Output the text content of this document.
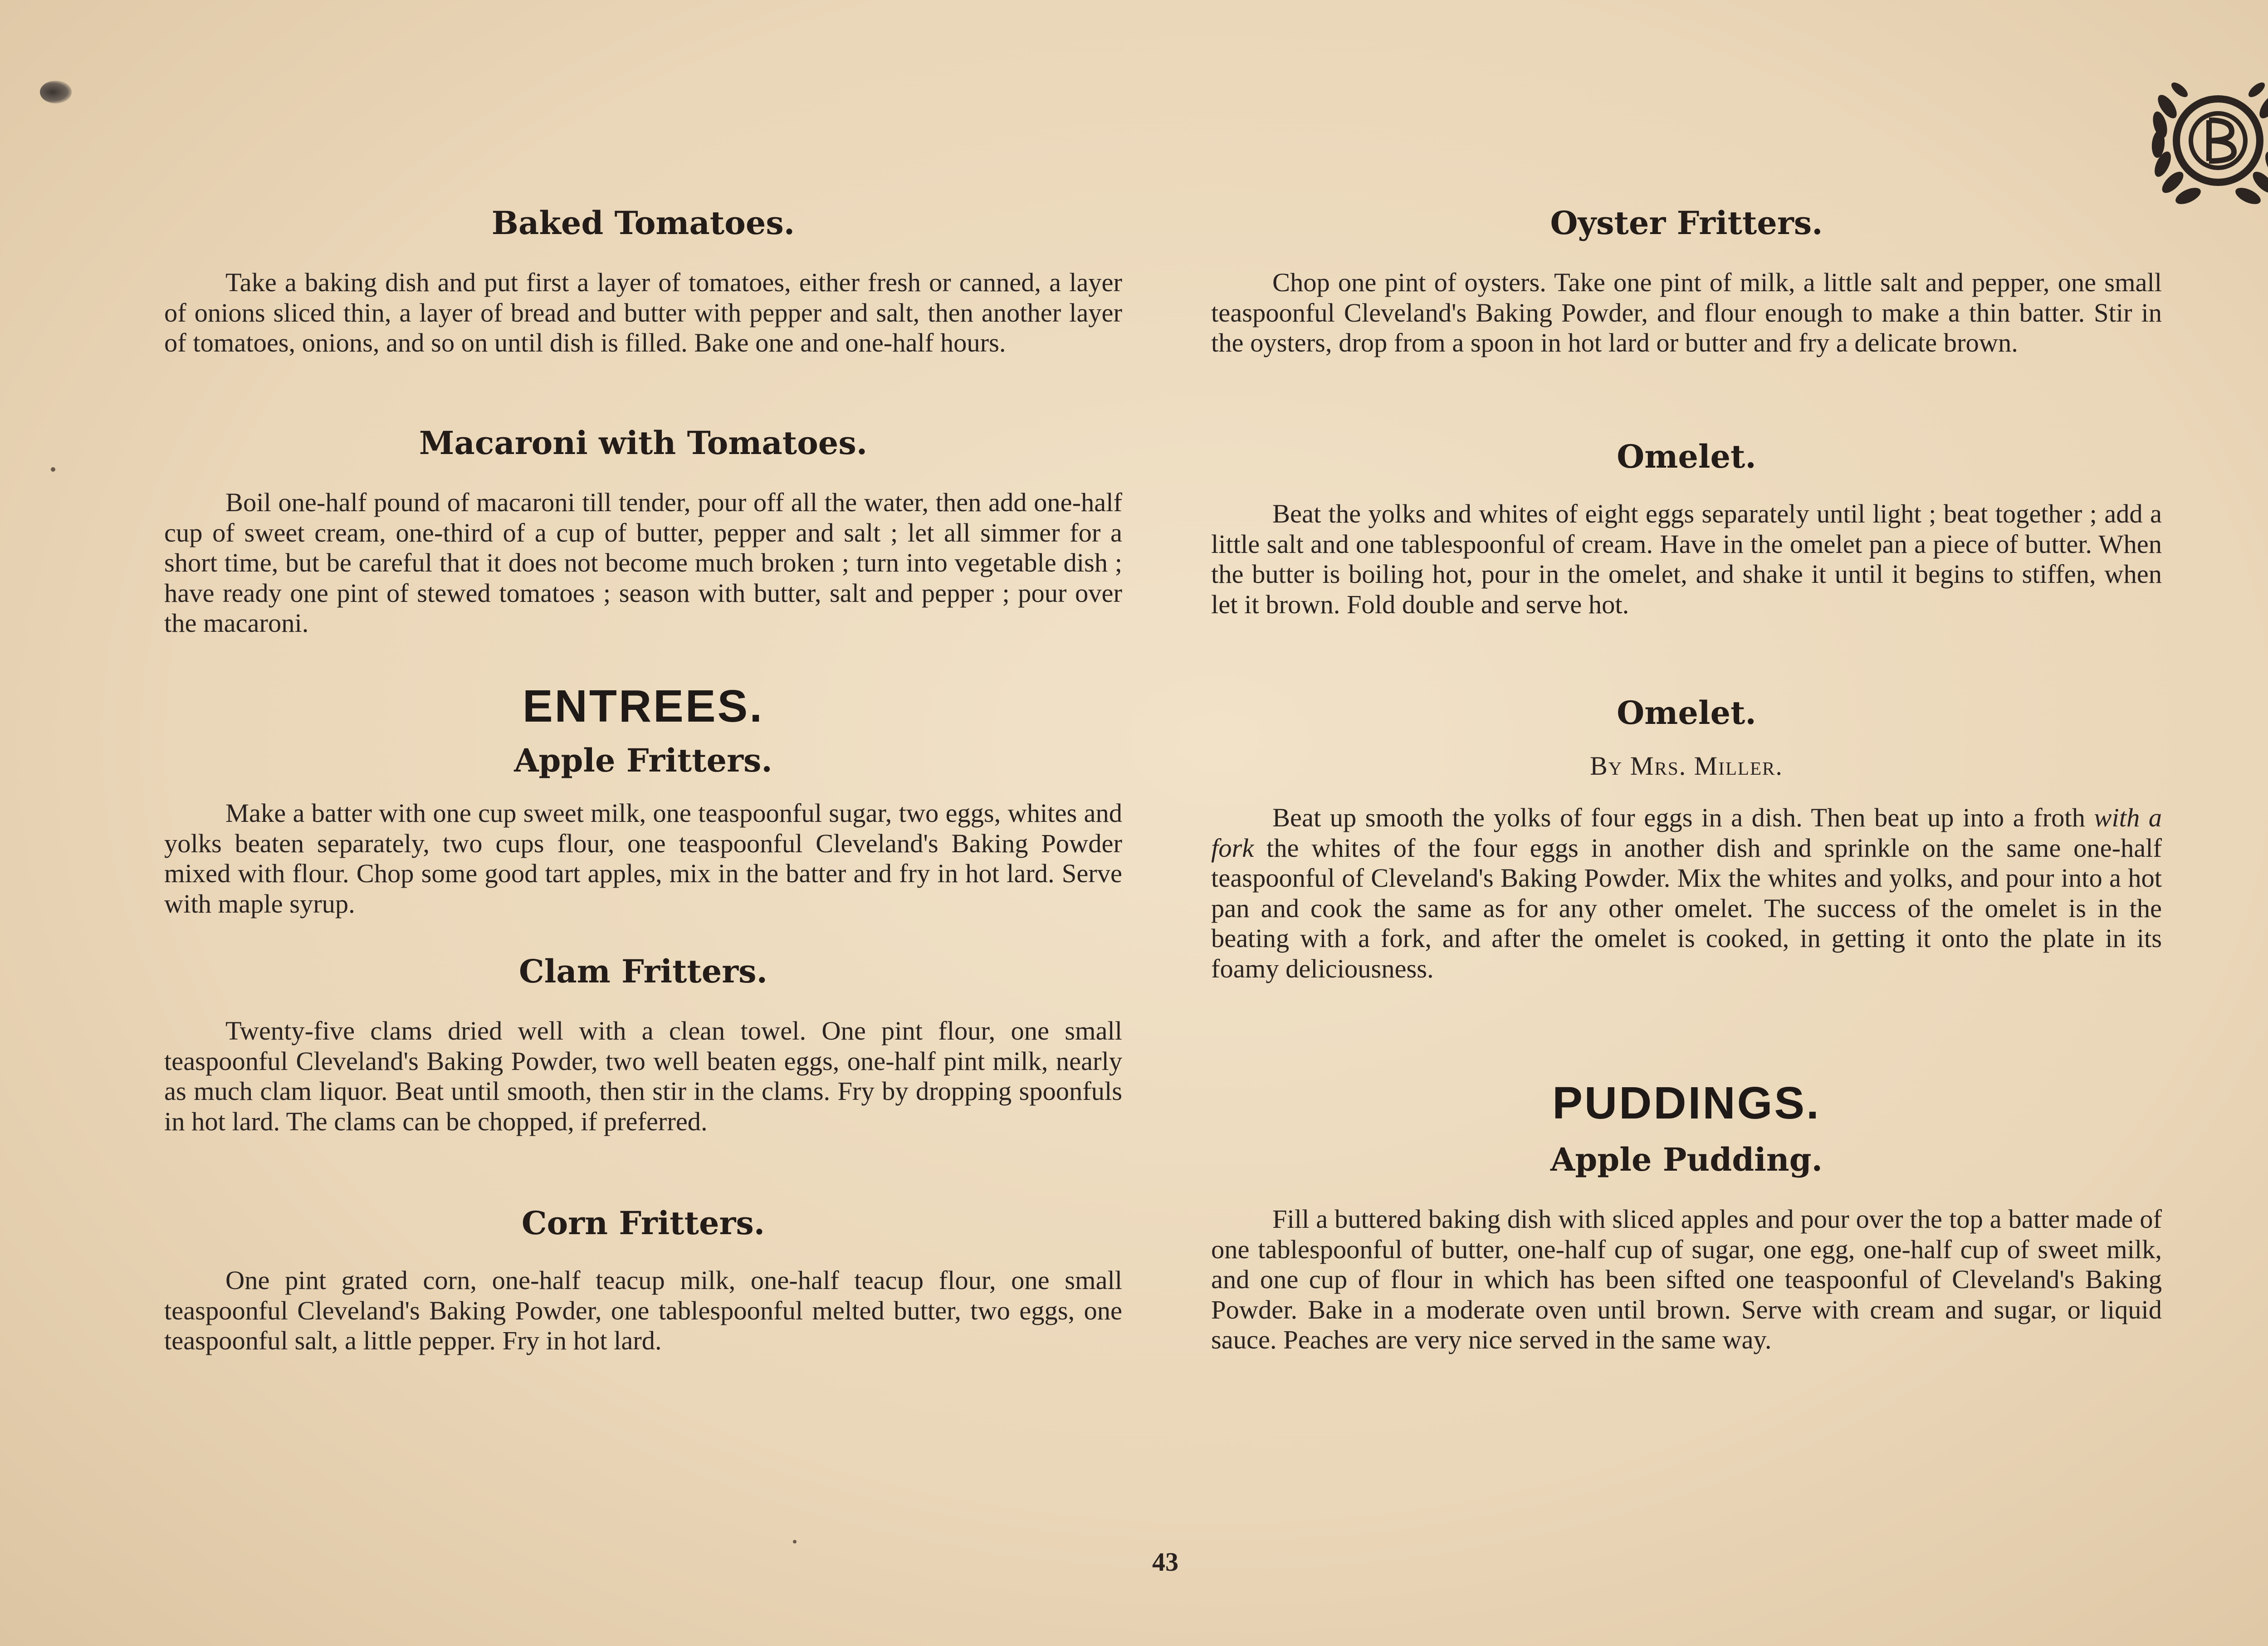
Baked Tomatoes.

Take a baking dish and put first a layer of tomatoes, either fresh or canned, a layer of onions sliced thin, a layer of bread and butter with pepper and salt, then another layer of tomatoes, onions, and so on until dish is filled. Bake one and one-half hours.

Macaroni with Tomatoes.

Boil one-half pound of macaroni till tender, pour off all the water, then add one-half cup of sweet cream, one-third of a cup of butter, pepper and salt ; let all simmer for a short time, but be careful that it does not become much broken ; turn into vegetable dish ; have ready one pint of stewed tomatoes ; season with butter, salt and pepper ; pour over the macaroni.

ENTREES.
Apple Fritters.

Make a batter with one cup sweet milk, one teaspoonful sugar, two eggs, whites and yolks beaten separately, two cups flour, one teaspoonful Cleveland's Baking Powder mixed with flour. Chop some good tart apples, mix in the batter and fry in hot lard. Serve with maple syrup.

Clam Fritters.

Twenty-five clams dried well with a clean towel. One pint flour, one small teaspoonful Cleveland's Baking Powder, two well beaten eggs, one-half pint milk, nearly as much clam liquor. Beat until smooth, then stir in the clams. Fry by dropping spoonfuls in hot lard. The clams can be chopped, if preferred.

Corn Fritters.

One pint grated corn, one-half teacup milk, one-half teacup flour, one small teaspoonful Cleveland's Baking Powder, one tablespoonful melted butter, two eggs, one teaspoonful salt, a little pepper. Fry in hot lard.

Oyster Fritters.

Chop one pint of oysters. Take one pint of milk, a little salt and pepper, one small teaspoonful Cleveland's Baking Powder, and flour enough to make a thin batter. Stir in the oysters, drop from a spoon in hot lard or butter and fry a delicate brown.

Omelet.

Beat the yolks and whites of eight eggs separately until light ; beat together ; add a little salt and one tablespoonful of cream. Have in the omelet pan a piece of butter. When the butter is boiling hot, pour in the omelet, and shake it until it begins to stiffen, when let it brown. Fold double and serve hot.

Omelet.
By Mrs. Miller.

Beat up smooth the yolks of four eggs in a dish. Then beat up into a froth with a fork the whites of the four eggs in another dish and sprinkle on the same one-half teaspoonful of Cleveland's Baking Powder. Mix the whites and yolks, and pour into a hot pan and cook the same as for any other omelet. The success of the omelet is in the beating with a fork, and after the omelet is cooked, in getting it onto the plate in its foamy deliciousness.

PUDDINGS.
Apple Pudding.

Fill a buttered baking dish with sliced apples and pour over the top a batter made of one tablespoonful of butter, one-half cup of sugar, one egg, one-half cup of sweet milk, and one cup of flour in which has been sifted one teaspoonful of Cleveland's Baking Powder. Bake in a moderate oven until brown. Serve with cream and sugar, or liquid sauce. Peaches are very nice served in the same way.

43
